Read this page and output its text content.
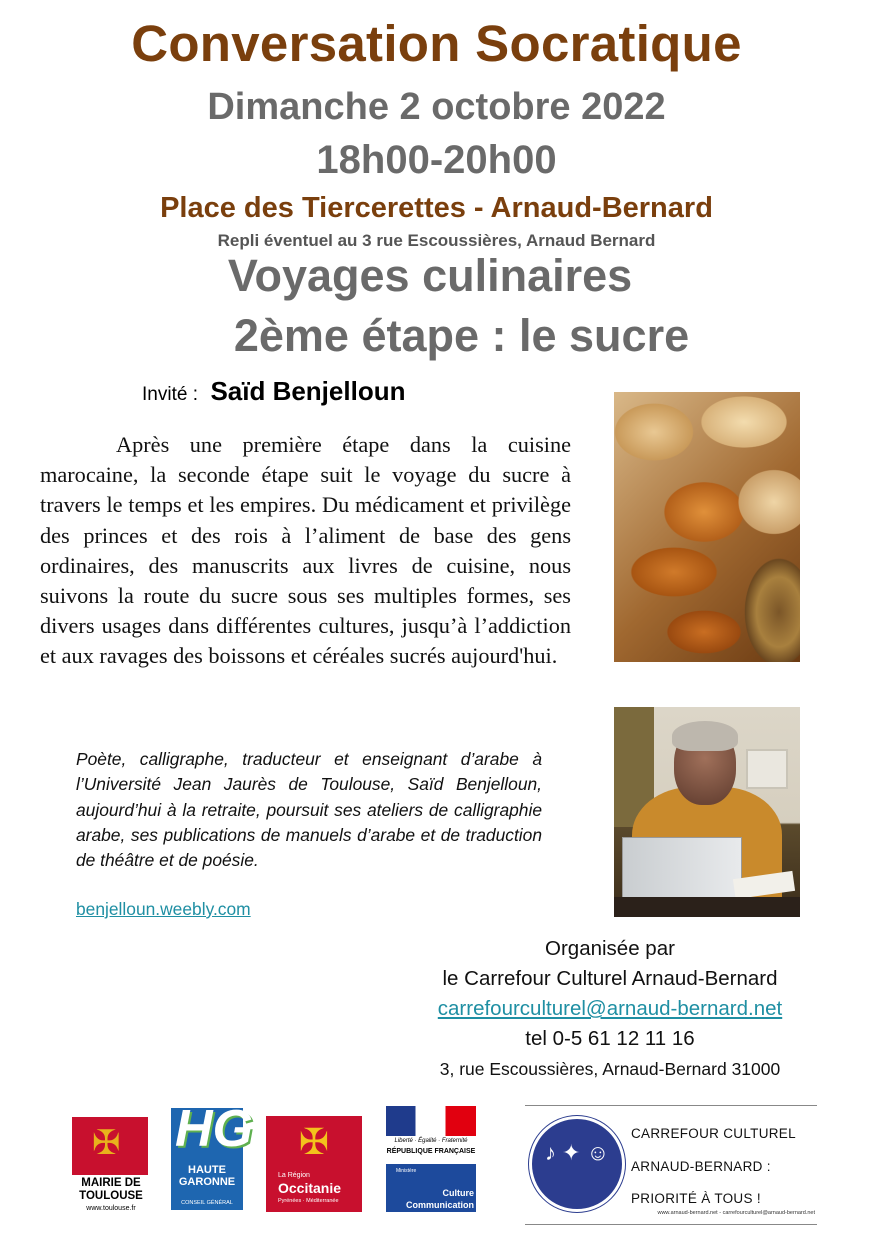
Conversation Socratique
Dimanche 2 octobre 2022
18h00-20h00
Place des Tiercerettes - Arnaud-Bernard
Repli éventuel au 3 rue Escoussières, Arnaud Bernard
Voyages culinaires
2ème étape : le sucre
Invité : Saïd Benjelloun
Après une première étape dans la cuisine marocaine, la seconde étape suit le voyage du sucre à travers le temps et les empires. Du médicament et privilège des princes et des rois à l’aliment de base des gens ordinaires, des manuscrits aux livres de cuisine, nous suivons la route du sucre sous ses multiples formes, ses divers usages dans différentes cultures, jusqu’à l’addiction et aux ravages des boissons et céréales sucrés aujourd'hui.
Poète, calligraphe, traducteur et enseignant d’arabe à l’Université Jean Jaurès de Toulouse, Saïd Benjelloun, aujourd’hui à la retraite, poursuit ses ateliers de calligraphie arabe, ses publications de manuels d’arabe et de traduction de théâtre et de poésie.
benjelloun.weebly.com
Organisée par
le Carrefour Culturel Arnaud-Bernard
carrefourculturel@arnaud-bernard.net
tel 0-5 61 12 11 16
3, rue Escoussières, Arnaud-Bernard 31000
✠
MAIRIE DE TOULOUSE
www.toulouse.fr
HG
HAUTE GARONNE
CONSEIL GÉNÉRAL
✠
La Région
Occitanie
Pyrénées · Méditerranée
Liberté · Égalité · Fraternité
RÉPUBLIQUE FRANÇAISE
Ministère
Culture
Communication
♪ ✦ ☺
CARREFOUR CULTUREL
ARNAUD-BERNARD :
PRIORITÉ À TOUS !
www.arnaud-bernard.net - carrefourculturel@arnaud-bernard.net
